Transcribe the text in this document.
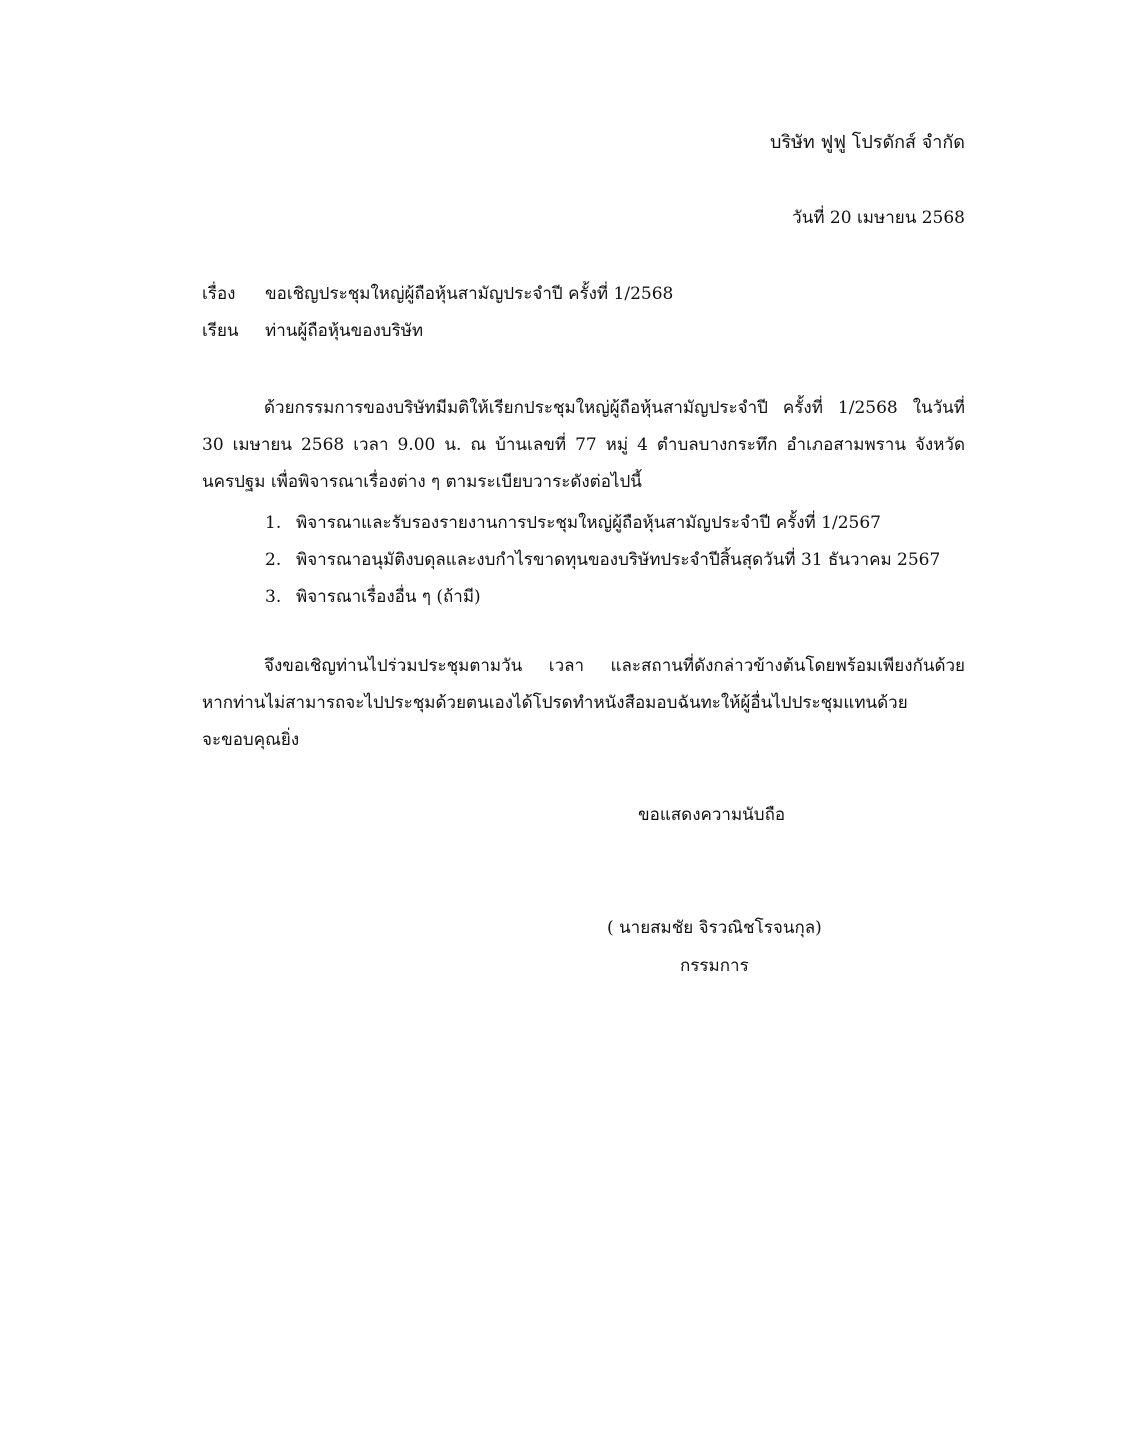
บริษัท ฟูฟู โปรดักส์ จำกัด
วันที่ 20 เมษายน 2568
เรื่อง ขอเชิญประชุมใหญ่ผู้ถือหุ้นสามัญประจำปี ครั้งที่ 1/2568
เรียน ท่านผู้ถือหุ้นของบริษัท
ด้วยกรรมการของบริษัทมีมติให้เรียกประชุมใหญ่ผู้ถือหุ้นสามัญประจำปี ครั้งที่ 1/2568 ในวันที่
30 เมษายน 2568 เวลา 9.00 น. ณ บ้านเลขที่ 77 หมู่ 4 ตำบลบางกระทึก อำเภอสามพราน จังหวัด
นครปฐม เพื่อพิจารณาเรื่องต่าง ๆ ตามระเบียบวาระดังต่อไปนี้
1. พิจารณาและรับรองรายงานการประชุมใหญ่ผู้ถือหุ้นสามัญประจำปี ครั้งที่ 1/2567
2. พิจารณาอนุมัติงบดุลและงบกำไรขาดทุนของบริษัทประจำปีสิ้นสุดวันที่ 31 ธันวาคม 2567
3. พิจารณาเรื่องอื่น ๆ (ถ้ามี)
จึงขอเชิญท่านไปร่วมประชุมตามวัน เวลา และสถานที่ดังกล่าวข้างต้นโดยพร้อมเพียงกันด้วย
หากท่านไม่สามารถจะไปประชุมด้วยตนเองได้โปรดทำหนังสือมอบฉันทะให้ผู้อื่นไปประชุมแทนด้วย
จะขอบคุณยิ่ง
ขอแสดงความนับถือ
( นายสมชัย จิรวณิชโรจนกุล)
กรรมการ
